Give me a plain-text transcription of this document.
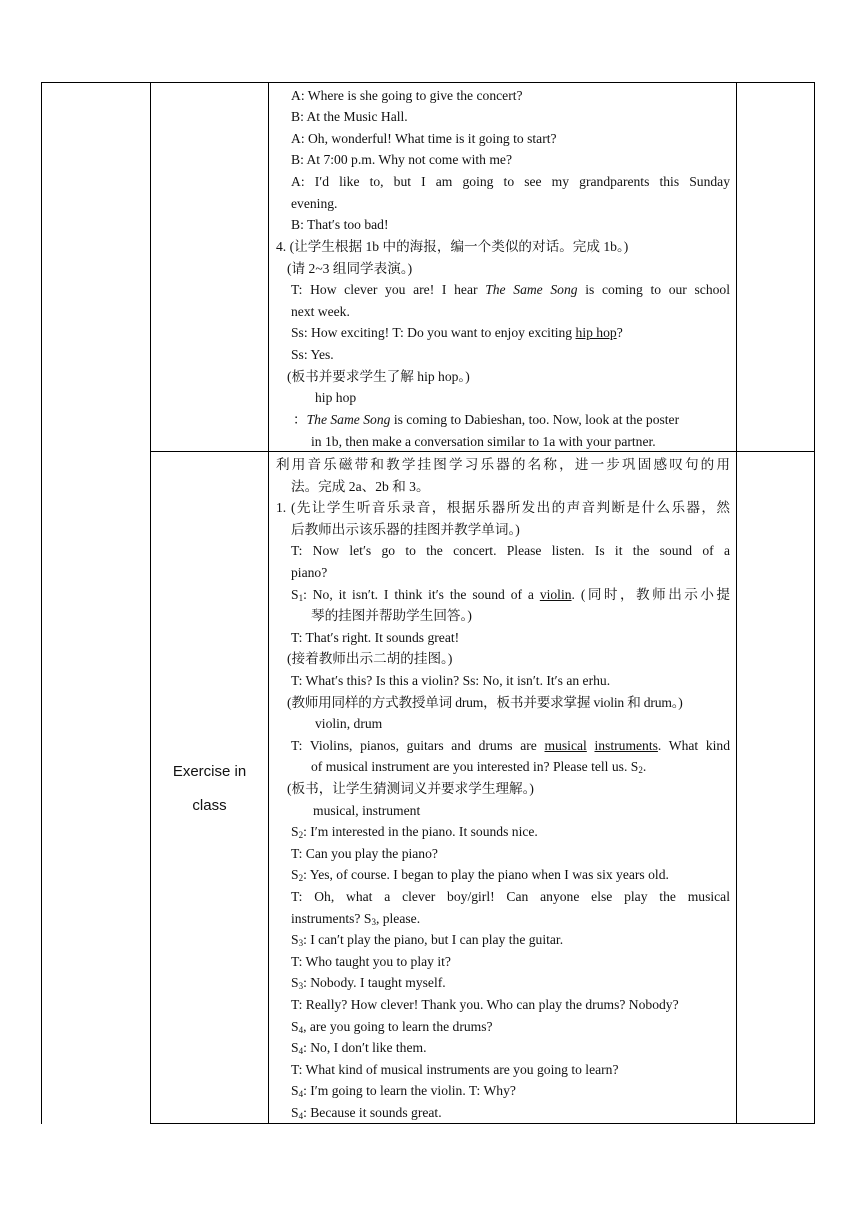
A: Where is she going to give the concert?
B: At the Music Hall.
A: Oh, wonderful! What time is it going to start?
B: At 7:00 p.m. Why not come with me?
A: I′d like to, but I am going to see my grandparents this Sunday
evening.
B: That′s too bad!
4. (让学生根据 1b 中的海报，编一个类似的对话。完成 1b。)
(请 2~3 组同学表演。)
T: How clever you are! I hear The Same Song is coming to our school
next week.
Ss: How exciting! T: Do you want to enjoy exciting hip hop?
Ss: Yes.
(板书并要求学生了解 hip hop。)
hip hop
：The Same Song is coming to Dabieshan, too. Now, look at the poster
in 1b, then make a conversation similar to 1a with your partner.
Exercise in
class
利用音乐磁带和教学挂图学习乐器的名称，进一步巩固感叹句的用
法。完成 2a、2b 和 3。
1. (先让学生听音乐录音，根据乐器所发出的声音判断是什么乐器，然
后教师出示该乐器的挂图并教学单词。)
T: Now let′s go to the concert. Please listen. Is it the sound of a
piano?
$S_1$: No, it isn′t. I think it′s the sound of a violin. (同时，教师出示小提
琴的挂图并帮助学生回答。)
T: That′s right. It sounds great!
(接着教师出示二胡的挂图。)
T: What′s this? Is this a violin? Ss: No, it isn′t. It′s an erhu.
(教师用同样的方式教授单词 drum，板书并要求掌握 violin 和 drum。)
violin, drum
T: Violins, pianos, guitars and drums are musical instruments. What kind
of musical instrument are you interested in? Please tell us. $S_2$.
(板书，让学生猜测词义并要求学生理解。)
musical, instrument
$S_2$: I′m interested in the piano. It sounds nice.
T: Can you play the piano?
$S_2$: Yes, of course. I began to play the piano when I was six years old.
T: Oh, what a clever boy/girl! Can anyone else play the musical
instruments? $S_3$, please.
$S_3$: I can′t play the piano, but I can play the guitar.
T: Who taught you to play it?
$S_3$: Nobody. I taught myself.
T: Really? How clever! Thank you. Who can play the drums? Nobody?
$S_4$, are you going to learn the drums?
$S_4$: No, I don′t like them.
T: What kind of musical instruments are you going to learn?
$S_4$: I′m going to learn the violin. T: Why?
$S_4$: Because it sounds great.
